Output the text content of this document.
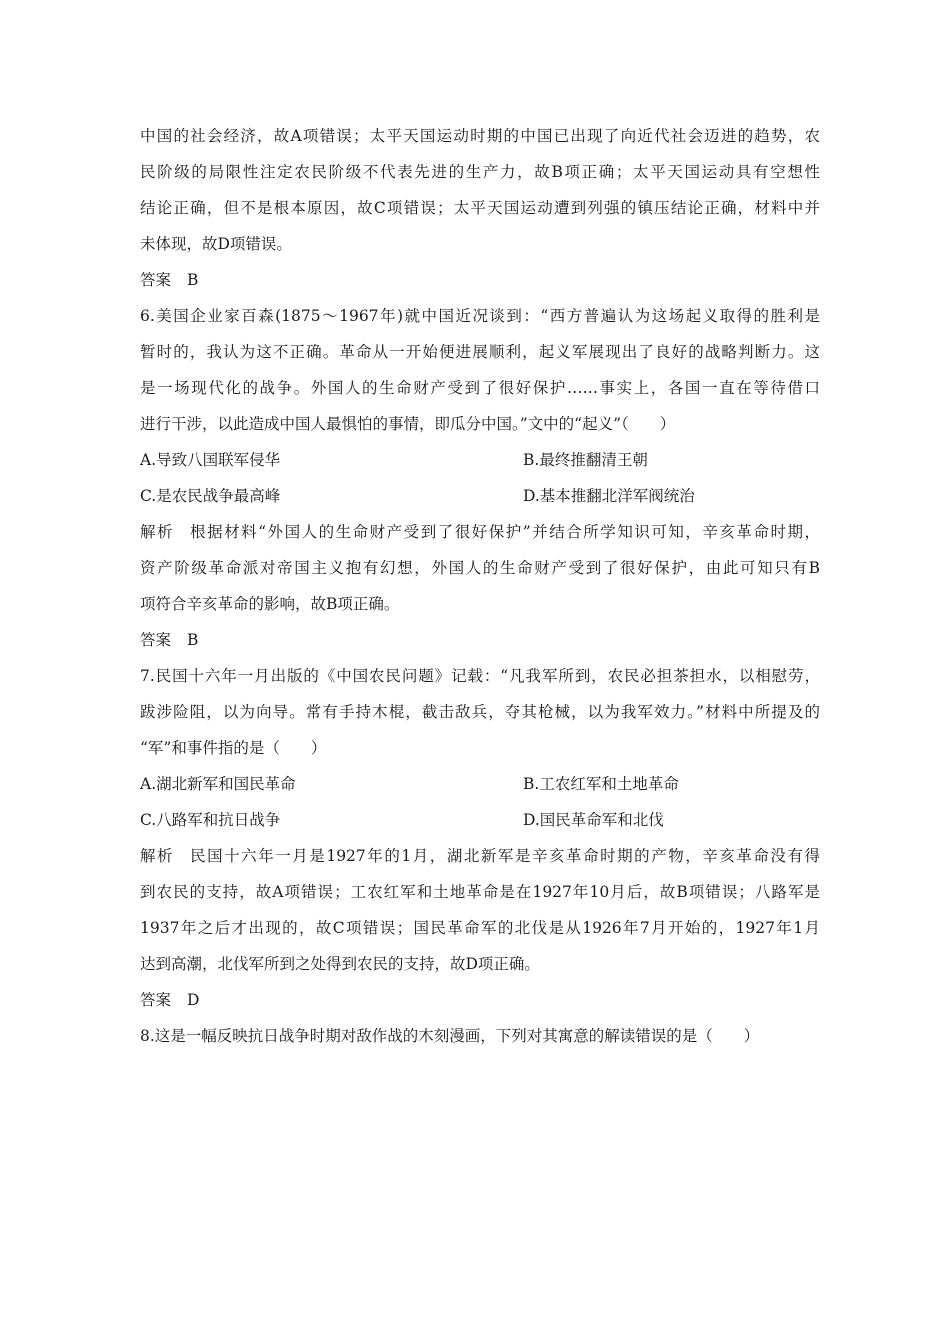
中国的社会经济，故A项错误；太平天国运动时期的中国已出现了向近代社会迈进的趋势，农
民阶级的局限性注定农民阶级不代表先进的生产力，故B项正确；太平天国运动具有空想性
结论正确，但不是根本原因，故C项错误；太平天国运动遭到列强的镇压结论正确，材料中并
未体现，故D项错误。
答案 B
6.美国企业家百森(1875～1967年)就中国近况谈到：“西方普遍认为这场起义取得的胜利是
暂时的，我认为这不正确。革命从一开始便进展顺利，起义军展现出了良好的战略判断力。这
是一场现代化的战争。外国人的生命财产受到了很好保护……事实上，各国一直在等待借口
进行干涉，以此造成中国人最惧怕的事情，即瓜分中国。”文中的“起义”（　　）
A.导致八国联军侵华	B.最终推翻清王朝
C.是农民战争最高峰	D.基本推翻北洋军阀统治
解析 根据材料“外国人的生命财产受到了很好保护”并结合所学知识可知，辛亥革命时期，
资产阶级革命派对帝国主义抱有幻想，外国人的生命财产受到了很好保护，由此可知只有B
项符合辛亥革命的影响，故B项正确。
答案 B
7.民国十六年一月出版的《中国农民问题》记载：“凡我军所到，农民必担茶担水，以相慰劳，
跋涉险阻，以为向导。常有手持木棍，截击敌兵，夺其枪械，以为我军效力。”材料中所提及的
“军”和事件指的是（　　）
A.湖北新军和国民革命	B.工农红军和土地革命
C.八路军和抗日战争	D.国民革命军和北伐
解析 民国十六年一月是1927年的1月，湖北新军是辛亥革命时期的产物，辛亥革命没有得
到农民的支持，故A项错误；工农红军和土地革命是在1927年10月后，故B项错误；八路军是
1937年之后才出现的，故C项错误；国民革命军的北伐是从1926年7月开始的，1927年1月
达到高潮，北伐军所到之处得到农民的支持，故D项正确。
答案 D
8.这是一幅反映抗日战争时期对敌作战的木刻漫画，下列对其寓意的解读错误的是（　　）
